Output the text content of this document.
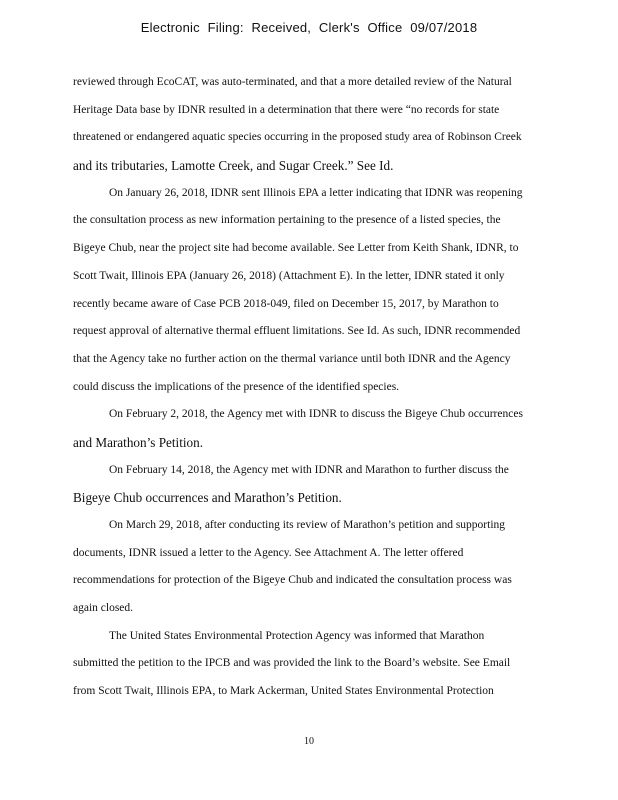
Electronic Filing: Received, Clerk's Office 09/07/2018
reviewed through EcoCAT, was auto-terminated, and that a more detailed review of the Natural
Heritage Data base by IDNR resulted in a determination that there were “no records for state
threatened or endangered aquatic species occurring in the proposed study area of Robinson Creek
and its tributaries, Lamotte Creek, and Sugar Creek.” See Id.
On January 26, 2018, IDNR sent Illinois EPA a letter indicating that IDNR was reopening
the consultation process as new information pertaining to the presence of a listed species, the
Bigeye Chub, near the project site had become available. See Letter from Keith Shank, IDNR, to
Scott Twait, Illinois EPA (January 26, 2018) (Attachment E). In the letter, IDNR stated it only
recently became aware of Case PCB 2018-049, filed on December 15, 2017, by Marathon to
request approval of alternative thermal effluent limitations. See Id. As such, IDNR recommended
that the Agency take no further action on the thermal variance until both IDNR and the Agency
could discuss the implications of the presence of the identified species.
On February 2, 2018, the Agency met with IDNR to discuss the Bigeye Chub occurrences
and Marathon’s Petition.
On February 14, 2018, the Agency met with IDNR and Marathon to further discuss the
Bigeye Chub occurrences and Marathon’s Petition.
On March 29, 2018, after conducting its review of Marathon’s petition and supporting
documents, IDNR issued a letter to the Agency. See Attachment A. The letter offered
recommendations for protection of the Bigeye Chub and indicated the consultation process was
again closed.
The United States Environmental Protection Agency was informed that Marathon
submitted the petition to the IPCB and was provided the link to the Board’s website. See Email
from Scott Twait, Illinois EPA, to Mark Ackerman, United States Environmental Protection
10
